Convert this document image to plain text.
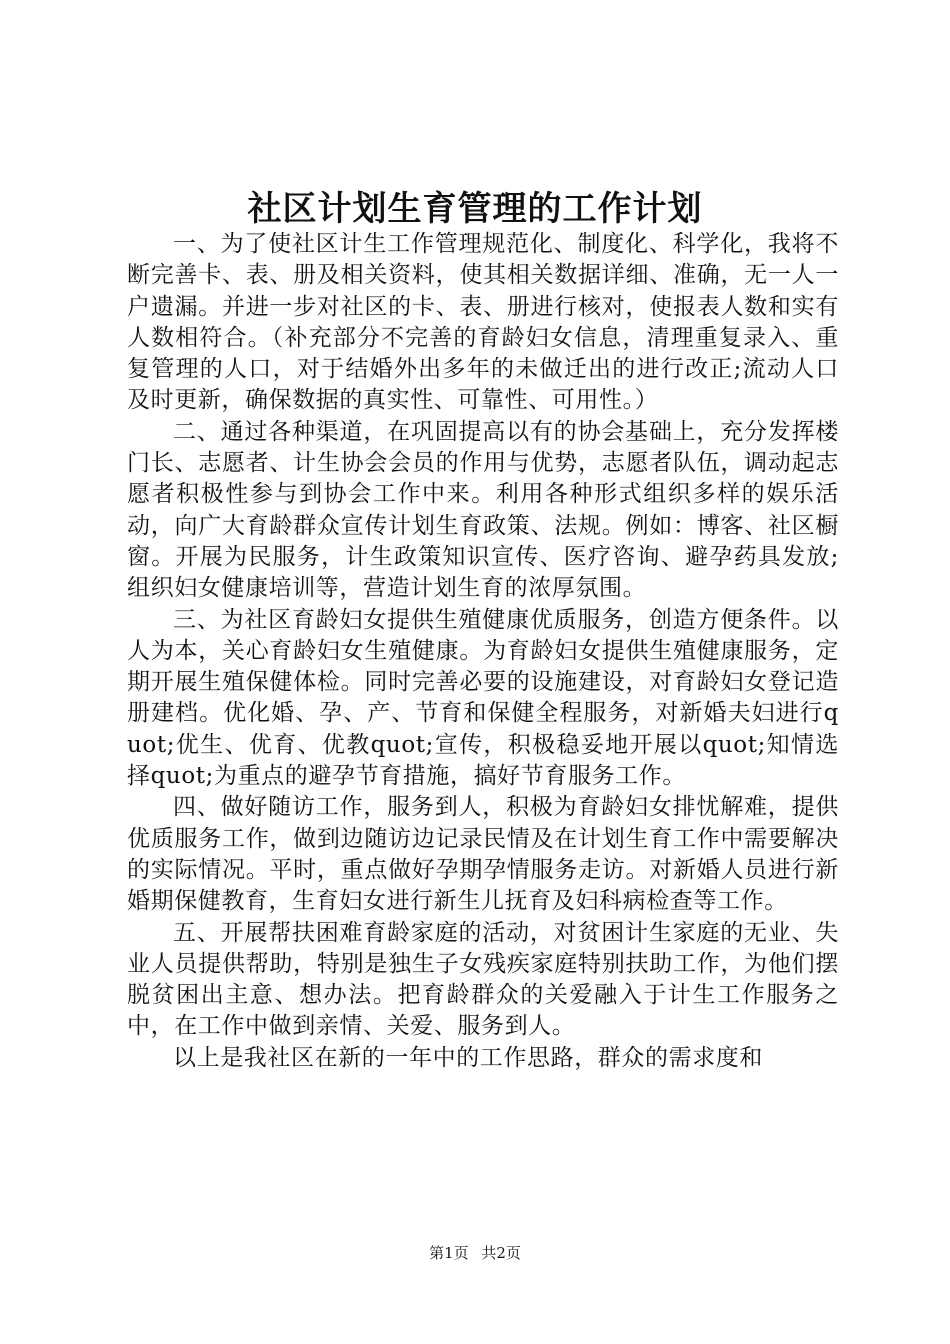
社区计划生育管理的工作计划

一、为了使社区计生工作管理规范化、制度化、科学化，我将不断完善卡、表、册及相关资料，使其相关数据详细、准确，无一人一户遗漏。并进一步对社区的卡、表、册进行核对，使报表人数和实有人数相符合。（补充部分不完善的育龄妇女信息，清理重复录入、重复管理的人口，对于结婚外出多年的未做迁出的进行改正;流动人口及时更新，确保数据的真实性、可靠性、可用性。）

二、通过各种渠道，在巩固提高以有的协会基础上，充分发挥楼门长、志愿者、计生协会会员的作用与优势，志愿者队伍，调动起志愿者积极性参与到协会工作中来。利用各种形式组织多样的娱乐活动，向广大育龄群众宣传计划生育政策、法规。例如：博客、社区橱窗。开展为民服务，计生政策知识宣传、医疗咨询、避孕药具发放;组织妇女健康培训等，营造计划生育的浓厚氛围。

三、为社区育龄妇女提供生殖健康优质服务，创造方便条件。以人为本，关心育龄妇女生殖健康。为育龄妇女提供生殖健康服务，定期开展生殖保健体检。同时完善必要的设施建设，对育龄妇女登记造册建档。优化婚、孕、产、节育和保健全程服务，对新婚夫妇进行quot;优生、优育、优教quot;宣传，积极稳妥地开展以quot;知情选择quot;为重点的避孕节育措施，搞好节育服务工作。

四、做好随访工作，服务到人，积极为育龄妇女排忧解难，提供优质服务工作，做到边随访边记录民情及在计划生育工作中需要解决的实际情况。平时，重点做好孕期孕情服务走访。对新婚人员进行新婚期保健教育，生育妇女进行新生儿抚育及妇科病检查等工作。

五、开展帮扶困难育龄家庭的活动，对贫困计生家庭的无业、失业人员提供帮助，特别是独生子女残疾家庭特别扶助工作，为他们摆脱贫困出主意、想办法。把育龄群众的关爱融入于计生工作服务之中，在工作中做到亲情、关爱、服务到人。

以上是我社区在新的一年中的工作思路，群众的需求度和

第1页 共2页
